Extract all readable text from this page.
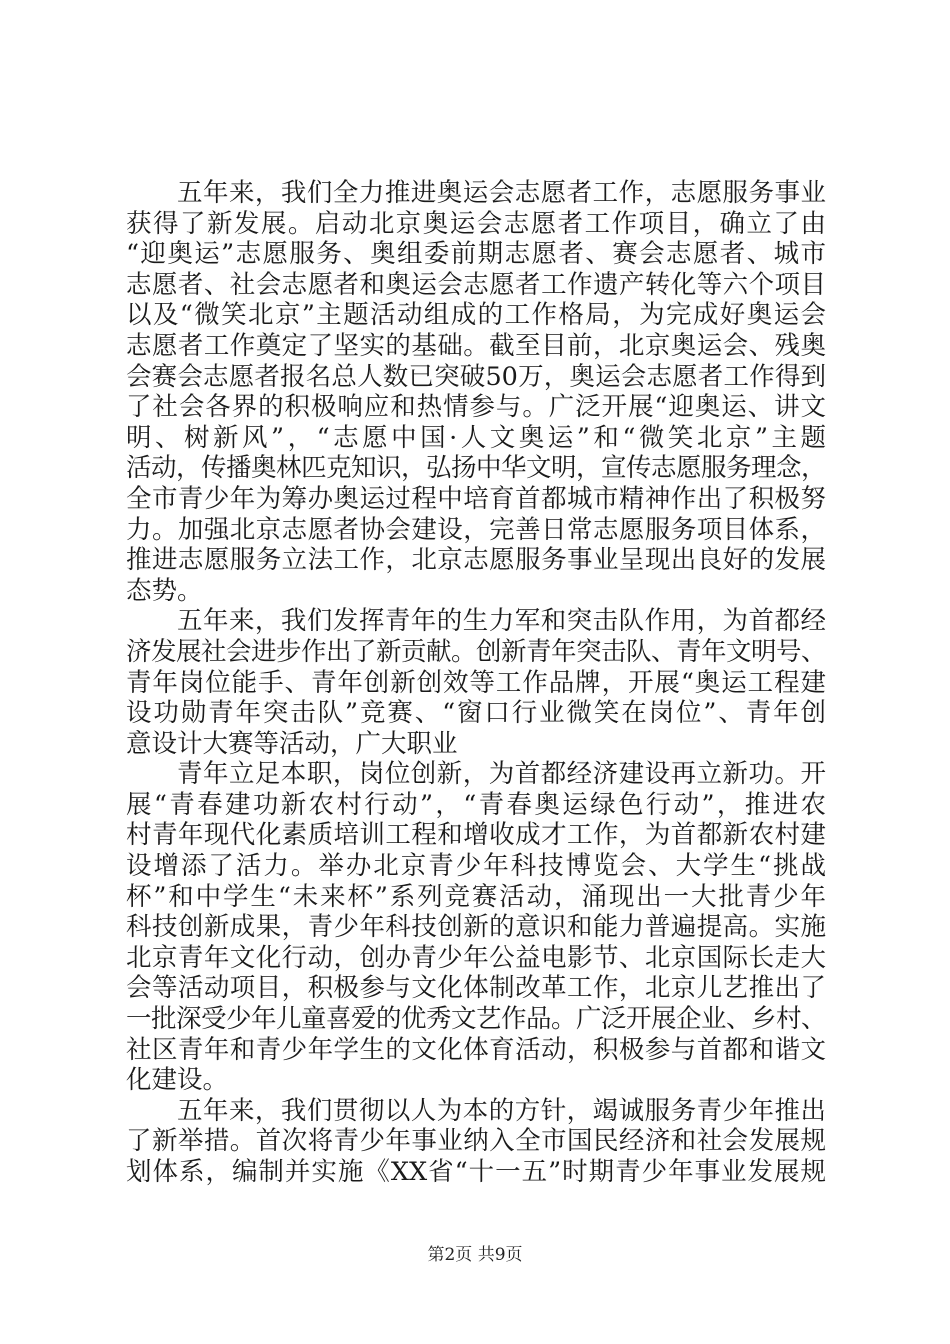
五年来，我们全力推进奥运会志愿者工作，志愿服务事业
获得了新发展。启动北京奥运会志愿者工作项目，确立了由
“迎奥运”志愿服务、奥组委前期志愿者、赛会志愿者、城市
志愿者、社会志愿者和奥运会志愿者工作遗产转化等六个项目
以及“微笑北京”主题活动组成的工作格局，为完成好奥运会
志愿者工作奠定了坚实的基础。截至目前，北京奥运会、残奥
会赛会志愿者报名总人数已突破50万，奥运会志愿者工作得到
了社会各界的积极响应和热情参与。广泛开展“迎奥运、讲文
明、树新风”，“志愿中国·人文奥运”和“微笑北京”主题
活动，传播奥林匹克知识，弘扬中华文明，宣传志愿服务理念，
全市青少年为筹办奥运过程中培育首都城市精神作出了积极努
力。加强北京志愿者协会建设，完善日常志愿服务项目体系，
推进志愿服务立法工作，北京志愿服务事业呈现出良好的发展
态势。

五年来，我们发挥青年的生力军和突击队作用，为首都经
济发展社会进步作出了新贡献。创新青年突击队、青年文明号、
青年岗位能手、青年创新创效等工作品牌，开展“奥运工程建
设功勋青年突击队”竞赛、“窗口行业微笑在岗位”、青年创
意设计大赛等活动，广大职业

青年立足本职，岗位创新，为首都经济建设再立新功。开
展“青春建功新农村行动”，“青春奥运绿色行动”，推进农
村青年现代化素质培训工程和增收成才工作，为首都新农村建
设增添了活力。举办北京青少年科技博览会、大学生“挑战
杯”和中学生“未来杯”系列竞赛活动，涌现出一大批青少年
科技创新成果，青少年科技创新的意识和能力普遍提高。实施
北京青年文化行动，创办青少年公益电影节、北京国际长走大
会等活动项目，积极参与文化体制改革工作，北京儿艺推出了
一批深受少年儿童喜爱的优秀文艺作品。广泛开展企业、乡村、
社区青年和青少年学生的文化体育活动，积极参与首都和谐文
化建设。

五年来，我们贯彻以人为本的方针，竭诚服务青少年推出
了新举措。首次将青少年事业纳入全市国民经济和社会发展规
划体系，编制并实施《XX省“十一五”时期青少年事业发展规

第2页 共9页
